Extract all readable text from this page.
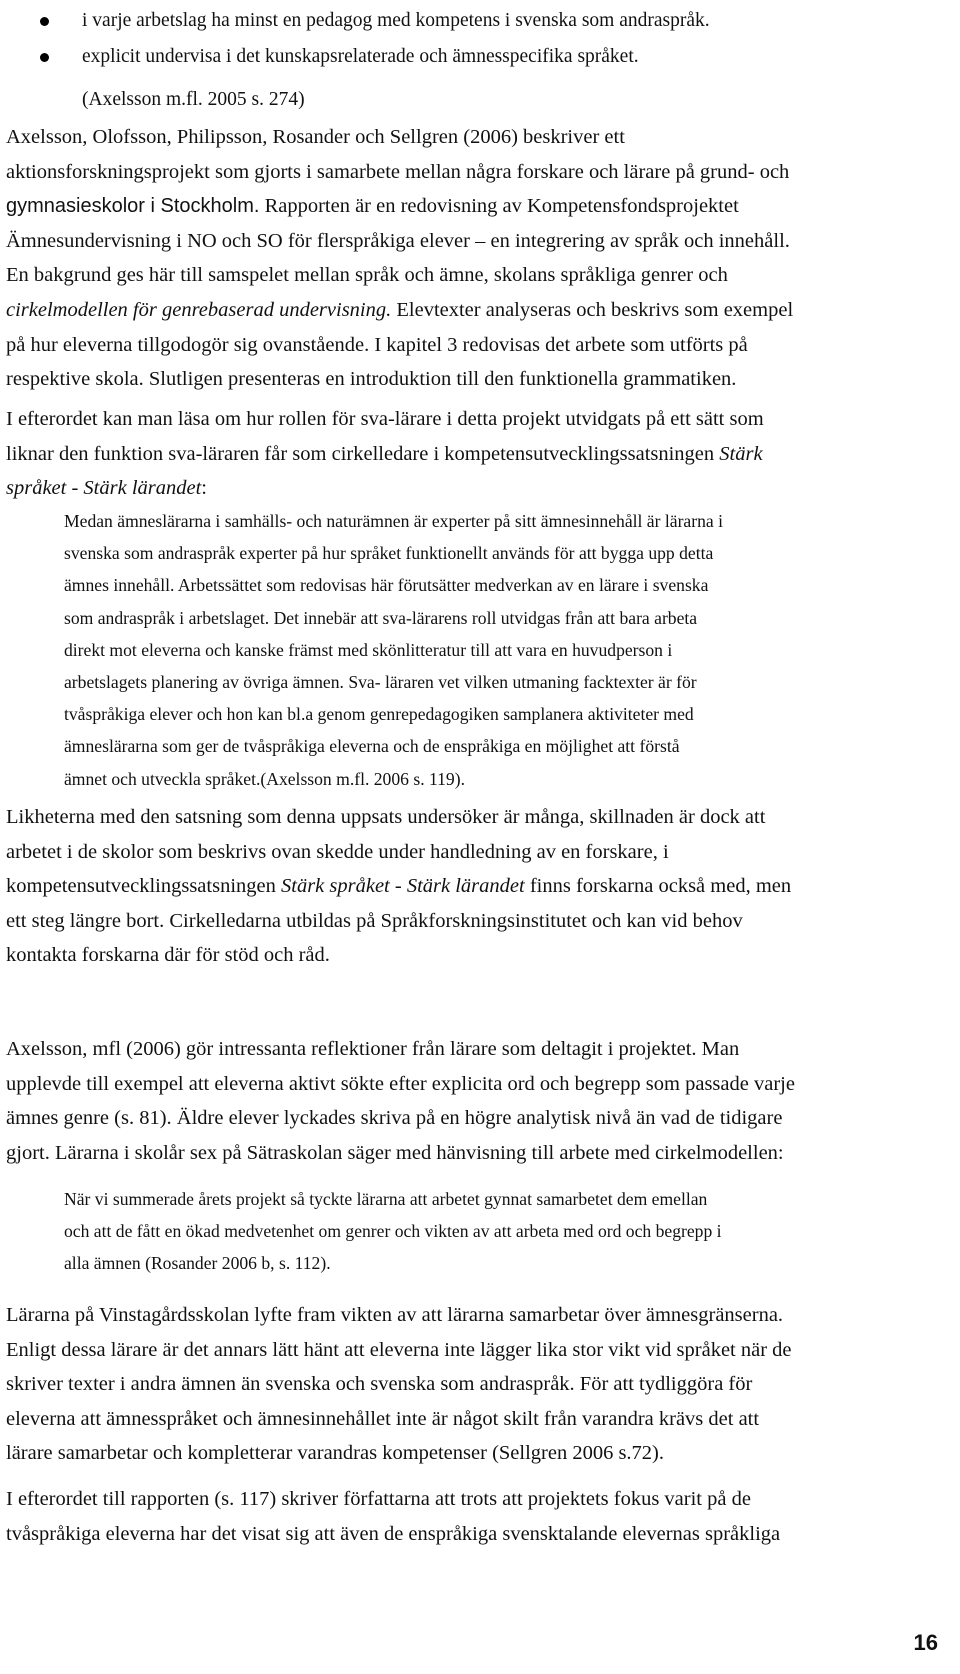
i varje arbetslag ha minst en pedagog med kompetens i svenska som andraspråk.
explicit undervisa i det kunskapsrelaterade och ämnesspecifika språket.
(Axelsson m.fl. 2005 s. 274)

Axelsson, Olofsson, Philipsson, Rosander och Sellgren (2006) beskriver ett
aktionsforskningsprojekt som gjorts i samarbete mellan några forskare och lärare på grund- och
gymnasieskolor i Stockholm. Rapporten är en redovisning av Kompetensfondsprojektet
Ämnesundervisning i NO och SO för flerspråkiga elever – en integrering av språk och innehåll.
En bakgrund ges här till samspelet mellan språk och ämne, skolans språkliga genrer och
cirkelmodellen för genrebaserad undervisning. Elevtexter analyseras och beskrivs som exempel
på hur eleverna tillgodogör sig ovanstående. I kapitel 3 redovisas det arbete som utförts på
respektive skola. Slutligen presenteras en introduktion till den funktionella grammatiken.

I efterordet kan man läsa om hur rollen för sva-lärare i detta projekt utvidgats på ett sätt som
liknar den funktion sva-läraren får som cirkelledare i kompetensutvecklingssatsningen Stärk
språket - Stärk lärandet:

Medan ämneslärarna i samhälls- och naturämnen är experter på sitt ämnesinnehåll är lärarna i
svenska som andraspråk experter på hur språket funktionellt används för att bygga upp detta
ämnes innehåll. Arbetssättet som redovisas här förutsätter medverkan av en lärare i svenska
som andraspråk i arbetslaget. Det innebär att sva-lärarens roll utvidgas från att bara arbeta
direkt mot eleverna och kanske främst med skönlitteratur till att vara en huvudperson i
arbetslagets planering av övriga ämnen. Sva- läraren vet vilken utmaning facktexter är för
tvåspråkiga elever och hon kan bl.a genom genrepedagogiken samplanera aktiviteter med
ämneslärarna som ger de tvåspråkiga eleverna och de enspråkiga en möjlighet att förstå
ämnet och utveckla språket.(Axelsson m.fl. 2006 s. 119).

Likheterna med den satsning som denna uppsats undersöker är många, skillnaden är dock att
arbetet i de skolor som beskrivs ovan skedde under handledning av en forskare, i
kompetensutvecklingssatsningen Stärk språket - Stärk lärandet finns forskarna också med, men
ett steg längre bort. Cirkelledarna utbildas på Språkforskningsinstitutet och kan vid behov
kontakta forskarna där för stöd och råd.

Axelsson, mfl (2006) gör intressanta reflektioner från lärare som deltagit i projektet. Man
upplevde till exempel att eleverna aktivt sökte efter explicita ord och begrepp som passade varje
ämnes genre (s. 81). Äldre elever lyckades skriva på en högre analytisk nivå än vad de tidigare
gjort. Lärarna i skolår sex på Sätraskolan säger med hänvisning till arbete med cirkelmodellen:

När vi summerade årets projekt så tyckte lärarna att arbetet gynnat samarbetet dem emellan
och att de fått en ökad medvetenhet om genrer och vikten av att arbeta med ord och begrepp i
alla ämnen (Rosander 2006 b, s. 112).

Lärarna på Vinstagårdsskolan lyfte fram vikten av att lärarna samarbetar över ämnesgränserna.
Enligt dessa lärare är det annars lätt hänt att eleverna inte lägger lika stor vikt vid språket när de
skriver texter i andra ämnen än svenska och svenska som andraspråk. För att tydliggöra för
eleverna att ämnesspråket och ämnesinnehållet inte är något skilt från varandra krävs det att
lärare samarbetar och kompletterar varandras kompetenser (Sellgren 2006 s.72).

I efterordet till rapporten (s. 117) skriver författarna att trots att projektets fokus varit på de
tvåspråkiga eleverna har det visat sig att även de enspråkiga svensktalande elevernas språkliga

16
